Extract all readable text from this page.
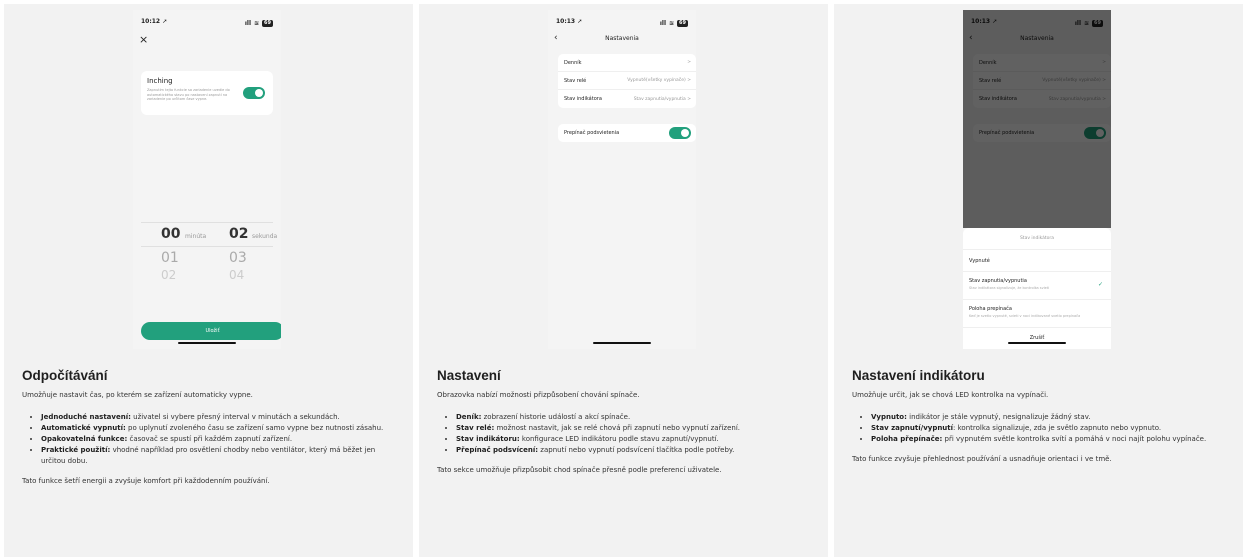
10:12 ➚	ıll ≋	69
×
Inching
Zapnutím tejto funkcie sa zariadenie uvedie do automatického stavu po nastavení zapnutí na zariadenie po určitom čase vypne.
00 minúta 02 sekunda
01	03
02	04
Uložiť
Odpočítávání
Umožňuje nastavit čas, po kterém se zařízení automaticky vypne.
• Jednoduché nastavení: uživatel si vybere přesný interval v minutách a sekundách.
• Automatické vypnutí: po uplynutí zvoleného času se zařízení samo vypne bez nutnosti zásahu.
• Opakovatelná funkce: časovač se spustí při každém zapnutí zařízení.
• Praktické použití: vhodné například pro osvětlení chodby nebo ventilátor, který má běžet jen určitou dobu.
Tato funkce šetří energii a zvyšuje komfort při každodenním používání.
10:13 ➚	ıll ≋	69
‹	Nastavenia
Denník	>
Stav relé	Vypnuté(všetky vypínače) >
Stav indikátora	Stav zapnutia/vypnutia >
Prepínač podsvietenia
Nastavení
Obrazovka nabízí možnosti přizpůsobení chování spínače.
• Deník: zobrazení historie událostí a akcí spínače.
• Stav relé: možnost nastavit, jak se relé chová při zapnutí nebo vypnutí zařízení.
• Stav indikátoru: konfigurace LED indikátoru podle stavu zapnutí/vypnutí.
• Přepínač podsvícení: zapnutí nebo vypnutí podsvícení tlačítka podle potřeby.
Tato sekce umožňuje přizpůsobit chod spínače přesně podle preferencí uživatele.
Stav indikátora
Vypnuté
Stav zapnutia/vypnutia
Stav indikátora signalizuje, že kontrolka svieti	✓
Poloha prepínača
Keď je svetlo vypnuté, svieti v noci indikované svetlo prepínača
Zrušiť
Nastavení indikátoru
Umožňuje určit, jak se chová LED kontrolka na vypínači.
• Vypnuto: indikátor je stále vypnutý, nesignalizuje žádný stav.
• Stav zapnutí/vypnutí: kontrolka signalizuje, zda je světlo zapnuto nebo vypnuto.
• Poloha přepínače: při vypnutém světle kontrolka svítí a pomáhá v noci najít polohu vypínače.
Tato funkce zvyšuje přehlednost používání a usnadňuje orientaci i ve tmě.
